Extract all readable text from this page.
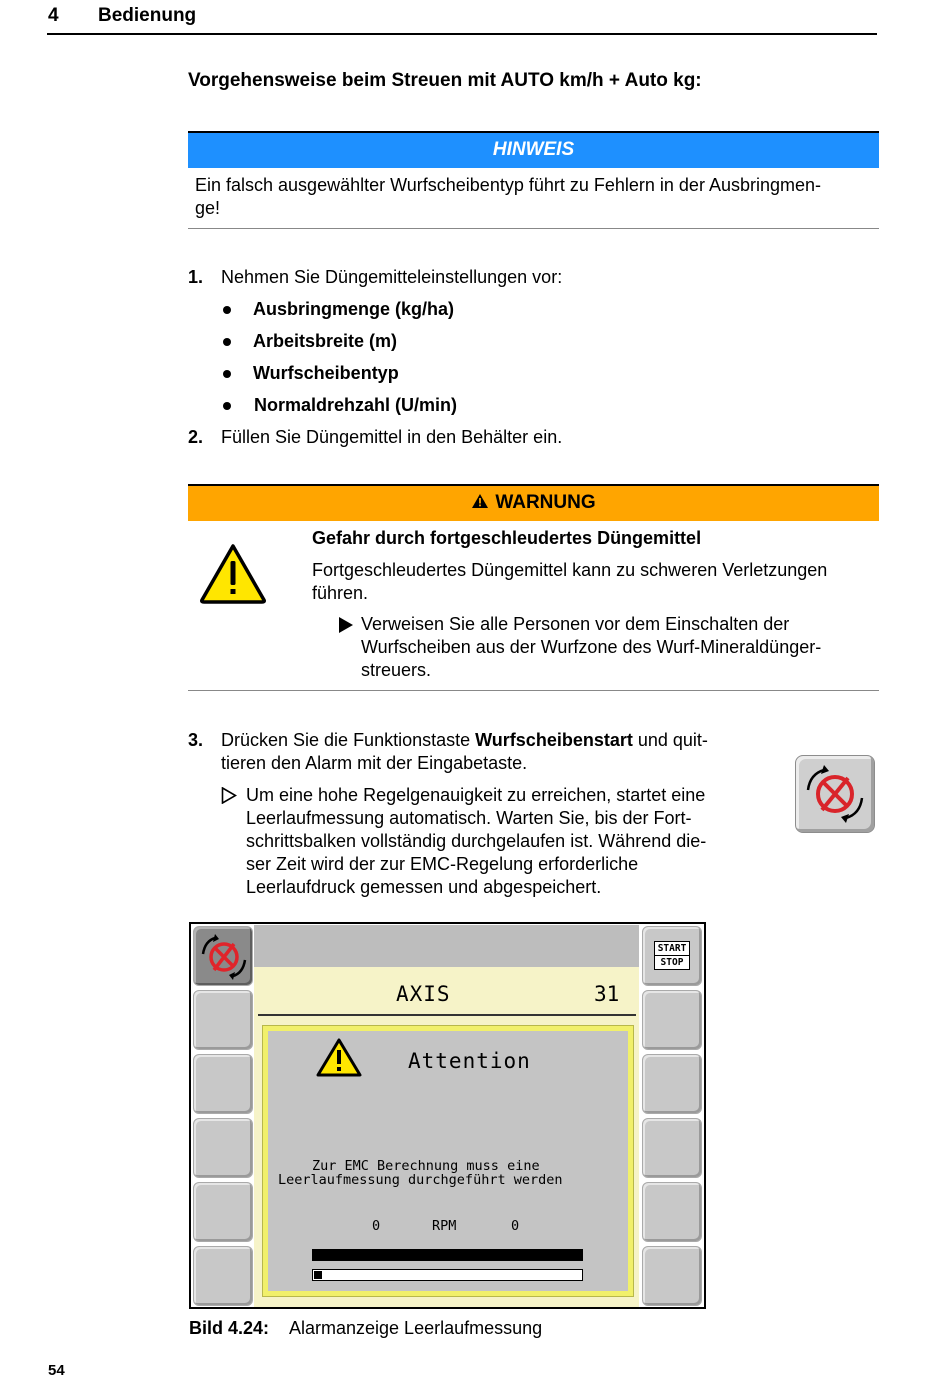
4 Bedienung
Vorgehensweise beim Streuen mit AUTO km/h + Auto kg:
HINWEIS
Ein falsch ausgewählter Wurfscheibentyp führt zu Fehlern in der Ausbringmen-
ge!
1. Nehmen Sie Düngemitteleinstellungen vor:
Ausbringmenge (kg/ha)
Arbeitsbreite (m)
Wurfscheibentyp
Normaldrehzahl (U/min)
2. Füllen Sie Düngemittel in den Behälter ein.
WARNUNG
Gefahr durch fortgeschleudertes Düngemittel
Fortgeschleudertes Düngemittel kann zu schweren Verletzungen
führen.
Verweisen Sie alle Personen vor dem Einschalten der
Wurfscheiben aus der Wurfzone des Wurf-Mineraldünger-
streuers.
3. Drücken Sie die Funktionstaste Wurfscheibenstart und quit-
tieren den Alarm mit der Eingabetaste.
Um eine hohe Regelgenauigkeit zu erreichen, startet eine
Leerlaufmessung automatisch. Warten Sie, bis der Fort-
schrittsbalken vollständig durchgelaufen ist. Während die-
ser Zeit wird der zur EMC-Regelung erforderliche
Leerlaufdruck gemessen und abgespeichert.
START
STOP
AXIS	31
Attention
Zur EMC Berechnung muss eine
Leerlaufmessung durchgeführt werden
0	RPM	0
Bild 4.24: Alarmanzeige Leerlaufmessung
54
